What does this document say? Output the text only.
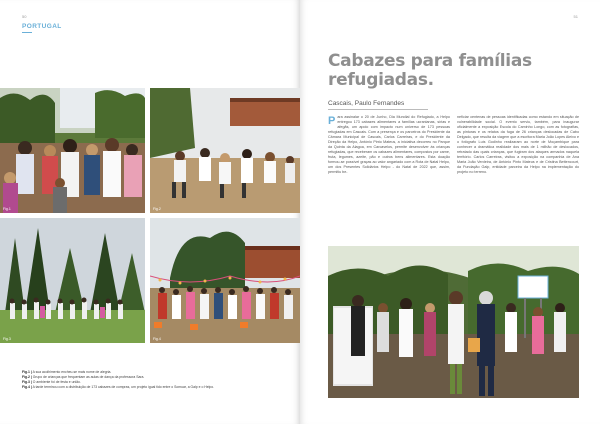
50
PORTUGAL
Fig.1	Fig.2
Fig.3	Fig.4
Fig.1 | A sua acolhimento encheu-se mais nome de alegria.
Fig.2 | Grupo de crianças que frequentam as aulas de dança da professora Sara.
Fig.3 | O ambiente foi de festa e união.
Fig.4 | A tarde terminou com a distribuição de 173 cabazes de compras, um projeto igual tido entre o Somuar, a Galp e o Helpo.
51
Cabazes para famílias refugiadas.
Cascais, Paulo Fernandes
P ara assinalar o 20 de Junho, Dia Mundial do Refugiado, a Helpo entregou 173 cabazes alimentares a famílias ucranianas, sírias e afegãs, um apoio com impacto num universo de 173 pessoas refugiadas em Cascais. Com a presença e os parceiros do Presidente da Câmara Municipal de Cascais, Carlos Carreiras, e do Presidente da Direção da Helpo, António Pinto Mateus, a iniciativa decorreu no Parque da Quinta da Alagoa, em Carcavelos, permite desenvolver às crianças refugiadas, que receberam os cabazes alimentares, compostos por carne, fruta, legumes, azeite, pão e outros bens alimentares. Esta doação formou-se possível graças ao valor angariado com a Rota de Natal Helpo, um dos Presentes Solidários Helpo - do Natal de 2022 que, assim, permitiu be-

neficiar centenas de pessoas identificadas como estando em situação de vulnerabilidade social. O evento serviu, também, para inaugurar oficialmente a exposição Escola do Caminho Longo, com as fotografias, as pinturas e os relatos da fuga de 26 crianças deslocadas de Cabo Delgado, que resulta da viagem que a escritora Maria João Lopes Aleixo e o fotógrafo Luís Godinho realizaram ao norte de Moçambique para conhecer a dramática realidade dos mais de 1 milhão de deslocados, retratado das quais crianças, que fugiram dos ataques armados naquela território. Carlos Carreiras, visitou a exposição na companhia de Ana Maria João Verdeira, de António Pinto Mateus e de Cristina Bettencourt, da Fundação Galp, entidade parceira da Helpo na implementação do projeto no terreno.
